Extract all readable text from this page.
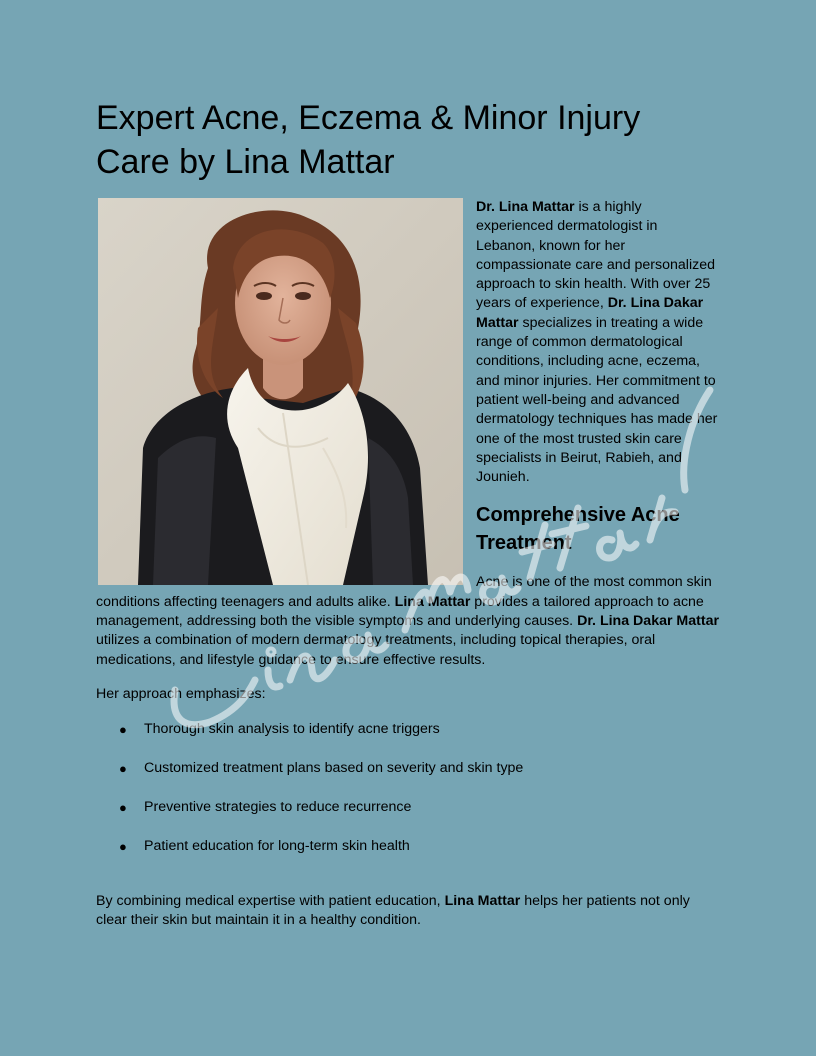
Expert Acne, Eczema & Minor Injury Care by Lina Mattar

Dr. Lina Mattar is a highly experienced dermatologist in Lebanon, known for her compassionate care and personalized approach to skin health. With over 25 years of experience, Dr. Lina Dakar Mattar specializes in treating a wide range of common dermatological conditions, including acne, eczema, and minor injuries. Her commitment to patient well-being and advanced dermatology techniques has made her one of the most trusted skin care specialists in Beirut, Rabieh, and Jounieh.

Comprehensive Acne Treatment

Acne is one of the most common skin conditions affecting teenagers and adults alike. Lina Mattar provides a tailored approach to acne management, addressing both the visible symptoms and underlying causes. Dr. Lina Dakar Mattar utilizes a combination of modern dermatology treatments, including topical therapies, oral medications, and lifestyle guidance to ensure effective results.

Her approach emphasizes:

● Thorough skin analysis to identify acne triggers
● Customized treatment plans based on severity and skin type
● Preventive strategies to reduce recurrence
● Patient education for long-term skin health

By combining medical expertise with patient education, Lina Mattar helps her patients not only clear their skin but maintain it in a healthy condition.
